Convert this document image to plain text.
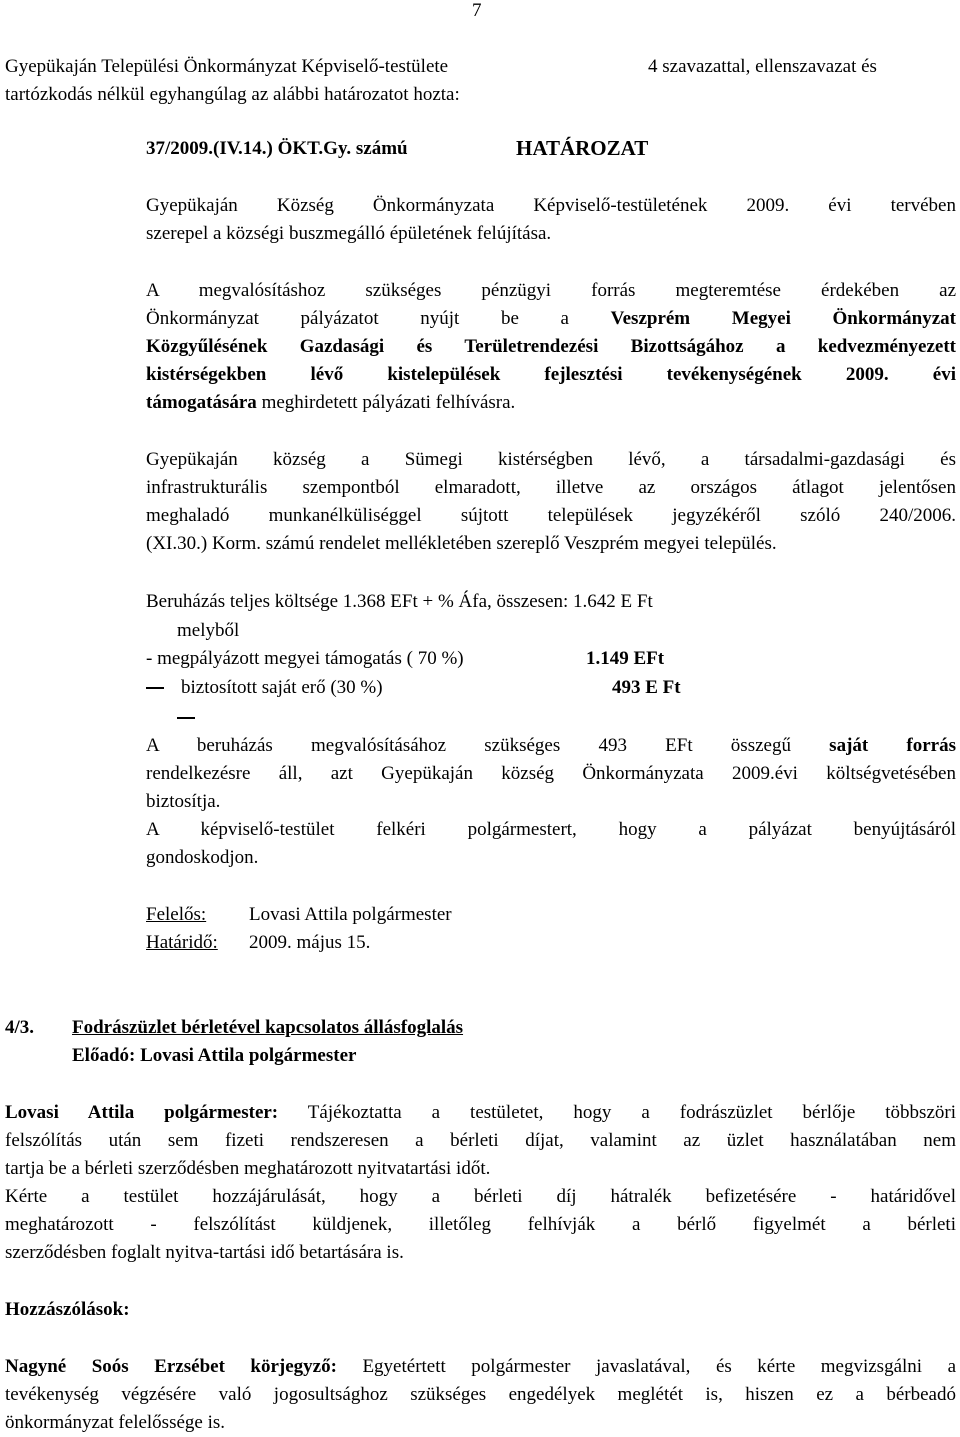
7
Gyepükaján Települési Önkormányzat Képviselő-testülete	4 szavazattal, ellenszavazat és
tartózkodás nélkül egyhangúlag az alábbi határozatot hozta:
37/2009.(IV.14.) ÖKT.Gy. számú	HATÁROZAT
Gyepükaján Község Önkormányzata Képviselő-testületének 2009. évi tervében
szerepel a községi buszmegálló épületének felújítása.
A megvalósításhoz szükséges pénzügyi forrás megteremtése érdekében az
Önkormányzat pályázatot nyújt be a Veszprém Megyei Önkormányzat
Közgyűlésének Gazdasági és Területrendezési Bizottságához a kedvezményezett
kistérségekben lévő kistelepülések fejlesztési tevékenységének 2009. évi
támogatására meghirdetett pályázati felhívásra.
Gyepükaján község a Sümegi kistérségben lévő, a társadalmi-gazdasági és
infrastrukturális szempontból elmaradott, illetve az országos átlagot jelentősen
meghaladó munkanélküliséggel sújtott települések jegyzékéről szóló 240/2006.
(XI.30.) Korm. számú rendelet mellékletében szereplő Veszprém megyei település.
Beruházás teljes költsége 1.368 EFt + % Áfa, összesen: 1.642 E Ft
melyből
- megpályázott megyei támogatás ( 70 %)	1.149 EFt
biztosított saját erő (30 %)	493 E Ft
A beruházás megvalósításához szükséges 493 EFt összegű saját forrás
rendelkezésre áll, azt Gyepükaján község Önkormányzata 2009.évi költségvetésében
biztosítja.
A képviselő-testület felkéri polgármestert, hogy a pályázat benyújtásáról
gondoskodjon.
Felelős: Lovasi Attila polgármester
Határidő: 2009. május 15.
4/3. Fodrászüzlet bérletével kapcsolatos állásfoglalás
Előadó: Lovasi Attila polgármester
Lovasi Attila polgármester: Tájékoztatta a testületet, hogy a fodrászüzlet bérlője többszöri
felszólítás után sem fizeti rendszeresen a bérleti díjat, valamint az üzlet használatában nem
tartja be a bérleti szerződésben meghatározott nyitvatartási időt.
Kérte a testület hozzájárulását, hogy a bérleti díj hátralék befizetésére - határidővel
meghatározott - felszólítást küldjenek, illetőleg felhívják a bérlő figyelmét a bérleti
szerződésben foglalt nyitva-tartási idő betartására is.
Hozzászólások:
Nagyné Soós Erzsébet körjegyző: Egyetértett polgármester javaslatával, és kérte megvizsgálni a
tevékenység végzésére való jogosultsághoz szükséges engedélyek meglétét is, hiszen ez a bérbeadó
önkormányzat felelőssége is.
